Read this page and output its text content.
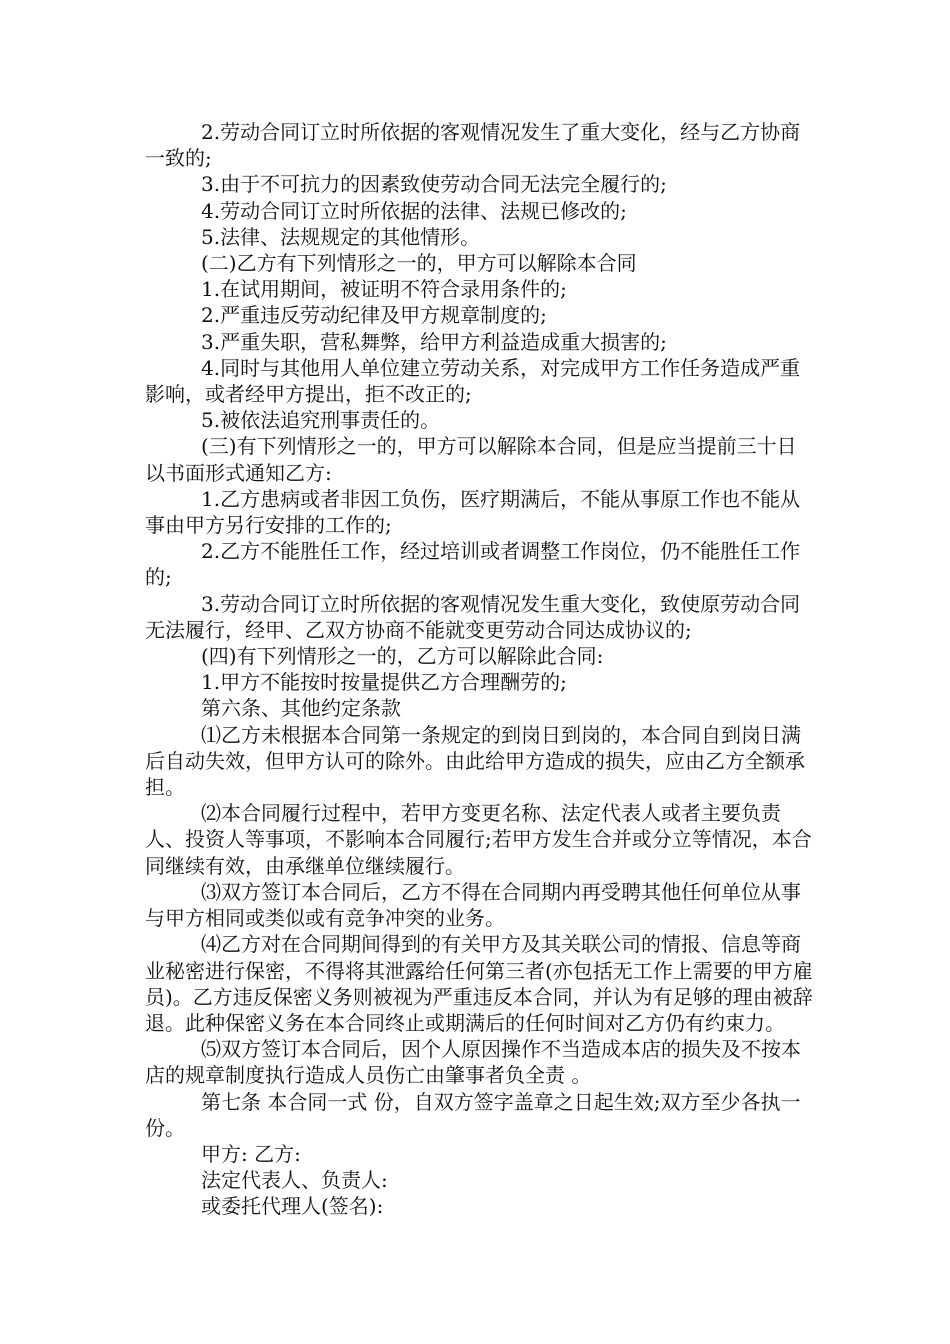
2.劳动合同订立时所依据的客观情况发生了重大变化，经与乙方协商一致的;

3.由于不可抗力的因素致使劳动合同无法完全履行的;

4.劳动合同订立时所依据的法律、法规已修改的;

5.法律、法规规定的其他情形。

(二)乙方有下列情形之一的，甲方可以解除本合同

1.在试用期间，被证明不符合录用条件的;

2.严重违反劳动纪律及甲方规章制度的;

3.严重失职，营私舞弊，给甲方利益造成重大损害的;

4.同时与其他用人单位建立劳动关系，对完成甲方工作任务造成严重影响，或者经甲方提出，拒不改正的;

5.被依法追究刑事责任的。

(三)有下列情形之一的，甲方可以解除本合同，但是应当提前三十日以书面形式通知乙方:

1.乙方患病或者非因工负伤，医疗期满后，不能从事原工作也不能从事由甲方另行安排的工作的;

2.乙方不能胜任工作，经过培训或者调整工作岗位，仍不能胜任工作的;

3.劳动合同订立时所依据的客观情况发生重大变化，致使原劳动合同无法履行，经甲、乙双方协商不能就变更劳动合同达成协议的;

(四)有下列情形之一的，乙方可以解除此合同:

1.甲方不能按时按量提供乙方合理酬劳的;

第六条、其他约定条款

⑴乙方未根据本合同第一条规定的到岗日到岗的，本合同自到岗日满后自动失效，但甲方认可的除外。由此给甲方造成的损失，应由乙方全额承担。

⑵本合同履行过程中，若甲方变更名称、法定代表人或者主要负责人、投资人等事项，不影响本合同履行;若甲方发生合并或分立等情况，本合同继续有效，由承继单位继续履行。

⑶双方签订本合同后，乙方不得在合同期内再受聘其他任何单位从事与甲方相同或类似或有竞争冲突的业务。

⑷乙方对在合同期间得到的有关甲方及其关联公司的情报、信息等商业秘密进行保密，不得将其泄露给任何第三者(亦包括无工作上需要的甲方雇员)。乙方违反保密义务则被视为严重违反本合同，并认为有足够的理由被辞退。此种保密义务在本合同终止或期满后的任何时间对乙方仍有约束力。

⑸双方签订本合同后，因个人原因操作不当造成本店的损失及不按本店的规章制度执行造成人员伤亡由肇事者负全责 。

第七条 本合同一式 份，自双方签字盖章之日起生效;双方至少各执一份。

甲方: 乙方:

法定代表人、负责人:

或委托代理人(签名):
